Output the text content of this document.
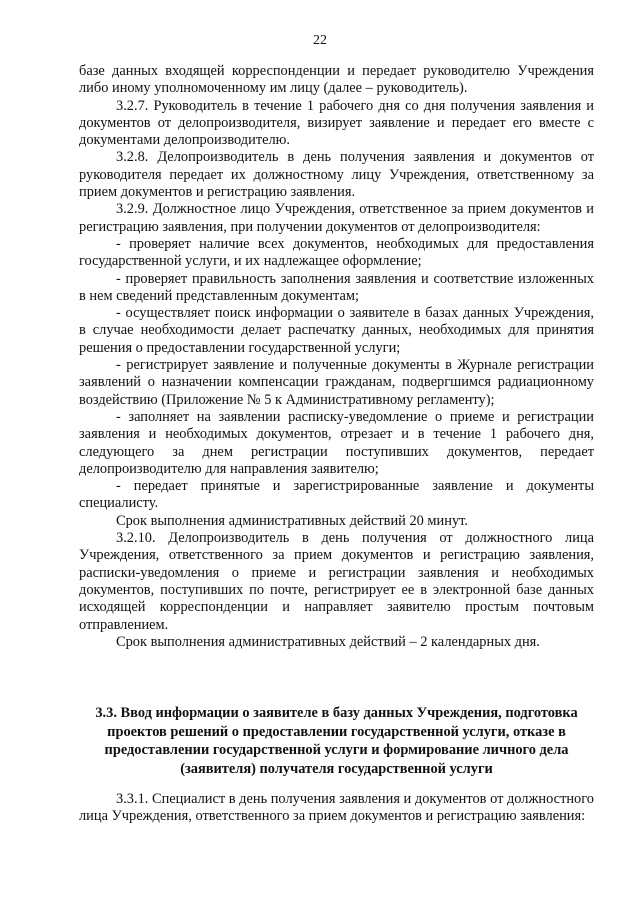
22

базе данных входящей корреспонденции и передает руководителю Учреждения либо иному уполномоченному им лицу (далее – руководитель).

3.2.7. Руководитель в течение 1 рабочего дня со дня получения заявления и документов от делопроизводителя, визирует заявление и передает его вместе с документами делопроизводителю.

3.2.8. Делопроизводитель в день получения заявления и документов от руководителя передает их должностному лицу Учреждения, ответственному за прием документов и регистрацию заявления.

3.2.9. Должностное лицо Учреждения, ответственное за прием документов и регистрацию заявления, при получении документов от делопроизводителя:

- проверяет наличие всех документов, необходимых для предоставления государственной услуги, и их надлежащее оформление;

- проверяет правильность заполнения заявления и соответствие изложенных в нем сведений представленным документам;

- осуществляет поиск информации о заявителе в базах данных Учреждения, в случае необходимости делает распечатку данных, необходимых для принятия решения о предоставлении государственной услуги;

- регистрирует заявление и полученные документы в Журнале регистрации заявлений о назначении компенсации гражданам, подвергшимся радиационному воздействию (Приложение № 5 к Административному регламенту);

- заполняет на заявлении расписку-уведомление о приеме и регистрации заявления и необходимых документов, отрезает и в течение 1 рабочего дня, следующего за днем регистрации поступивших документов, передает делопроизводителю для направления заявителю;

- передает принятые и зарегистрированные заявление и документы специалисту.

Срок выполнения административных действий 20 минут.

3.2.10. Делопроизводитель в день получения от должностного лица Учреждения, ответственного за прием документов и регистрацию заявления, расписки-уведомления о приеме и регистрации заявления и необходимых документов, поступивших по почте, регистрирует ее в электронной базе данных исходящей корреспонденции и направляет заявителю простым почтовым отправлением.

Срок выполнения административных действий – 2 календарных дня.

3.3. Ввод информации о заявителе в базу данных Учреждения, подготовка проектов решений о предоставлении государственной услуги, отказе в предоставлении государственной услуги и формирование личного дела (заявителя) получателя государственной услуги

3.3.1. Специалист в день получения заявления и документов от должностного лица Учреждения, ответственного за прием документов и регистрацию заявления:
